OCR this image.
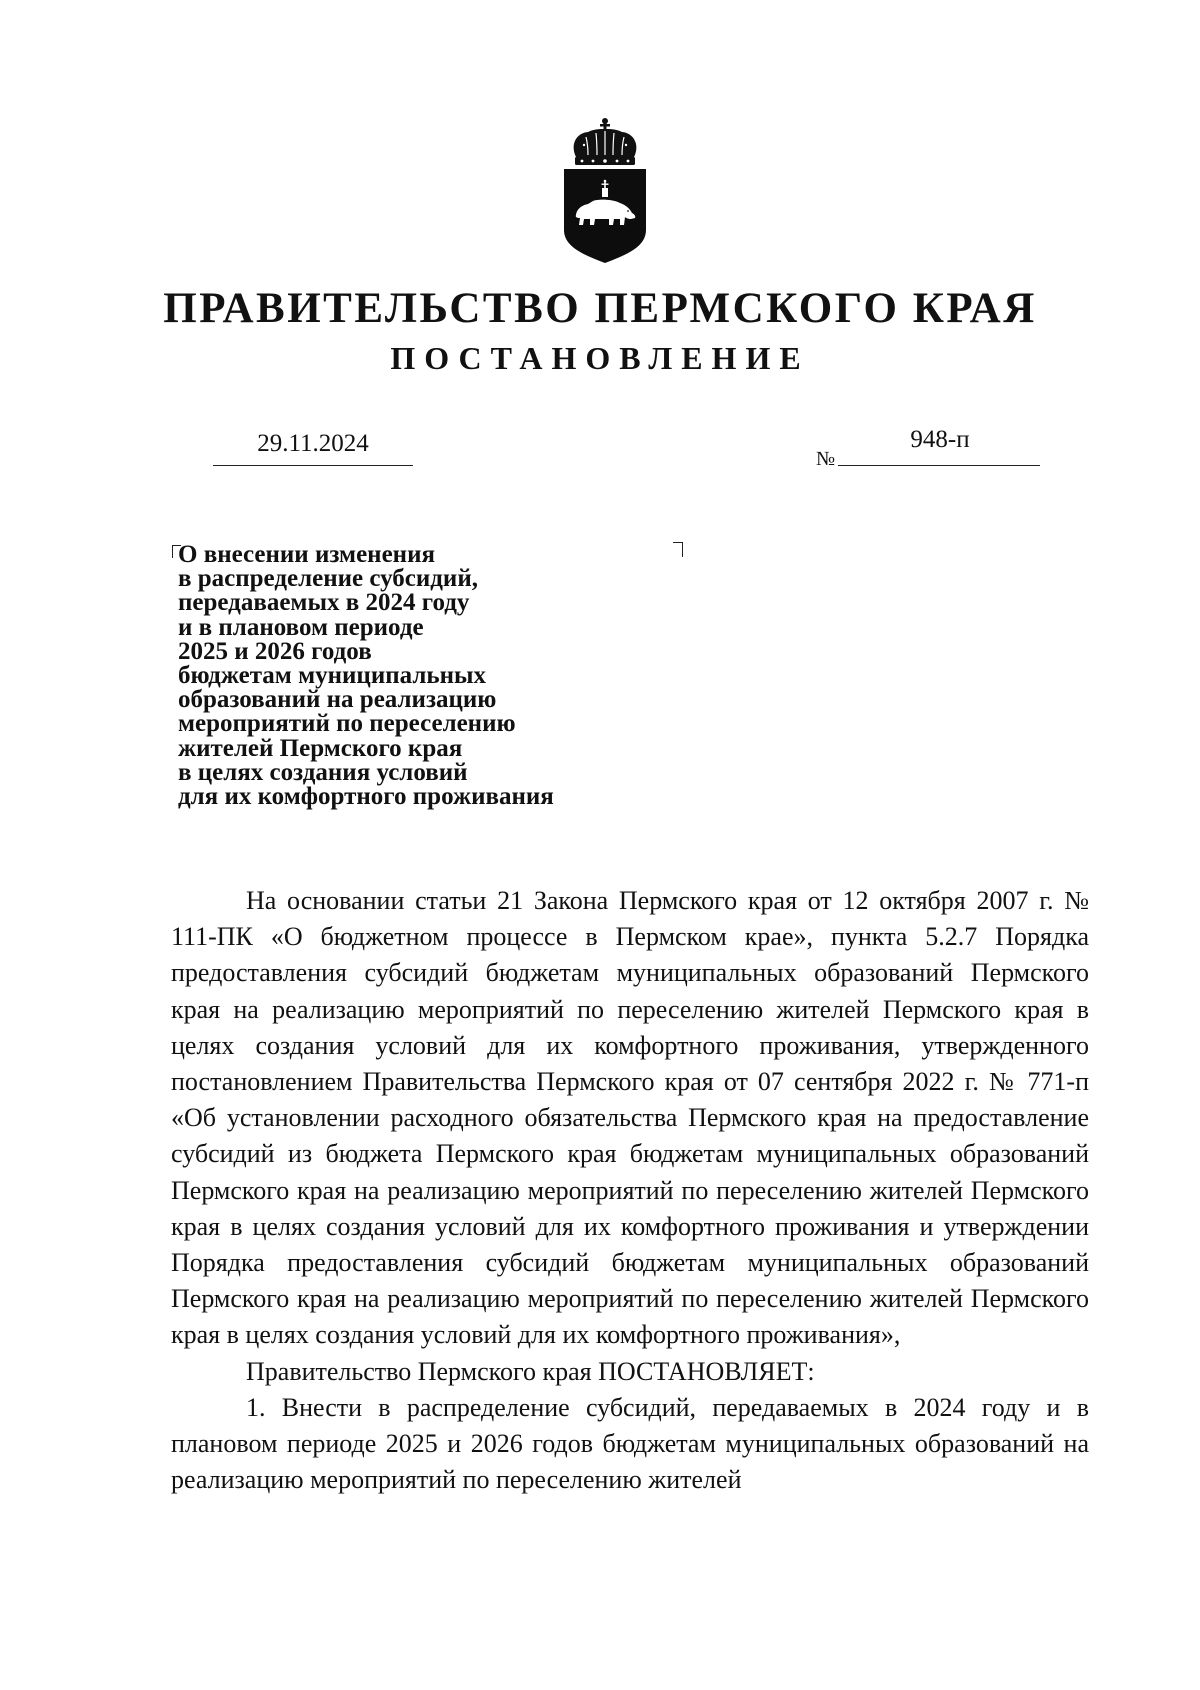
ПРАВИТЕЛЬСТВО ПЕРМСКОГО КРАЯ
ПОСТАНОВЛЕНИЕ
29.11.2024
№
948-п
О внесении изменения
в распределение субсидий,
передаваемых в 2024 году
и в плановом периоде
2025 и 2026 годов
бюджетам муниципальных
образований на реализацию
мероприятий по переселению
жителей Пермского края
в целях создания условий
для их комфортного проживания

На основании статьи 21 Закона Пермского края от 12 октября 2007 г. № 111-ПК «О бюджетном процессе в Пермском крае», пункта 5.2.7 Порядка предоставления субсидий бюджетам муниципальных образований Пермского края на реализацию мероприятий по переселению жителей Пермского края в целях создания условий для их комфортного проживания, утвержденного постановлением Правительства Пермского края от 07 сентября 2022 г. № 771-п «Об установлении расходного обязательства Пермского края на предоставление субсидий из бюджета Пермского края бюджетам муниципальных образований Пермского края на реализацию мероприятий по переселению жителей Пермского края в целях создания условий для их комфортного проживания и утверждении Порядка предоставления субсидий бюджетам муниципальных образований Пермского края на реализацию мероприятий по переселению жителей Пермского края в целях создания условий для их комфортного проживания»,

Правительство Пермского края ПОСТАНОВЛЯЕТ:

1. Внести в распределение субсидий, передаваемых в 2024 году и в плановом периоде 2025 и 2026 годов бюджетам муниципальных образований на реализацию мероприятий по переселению жителей
